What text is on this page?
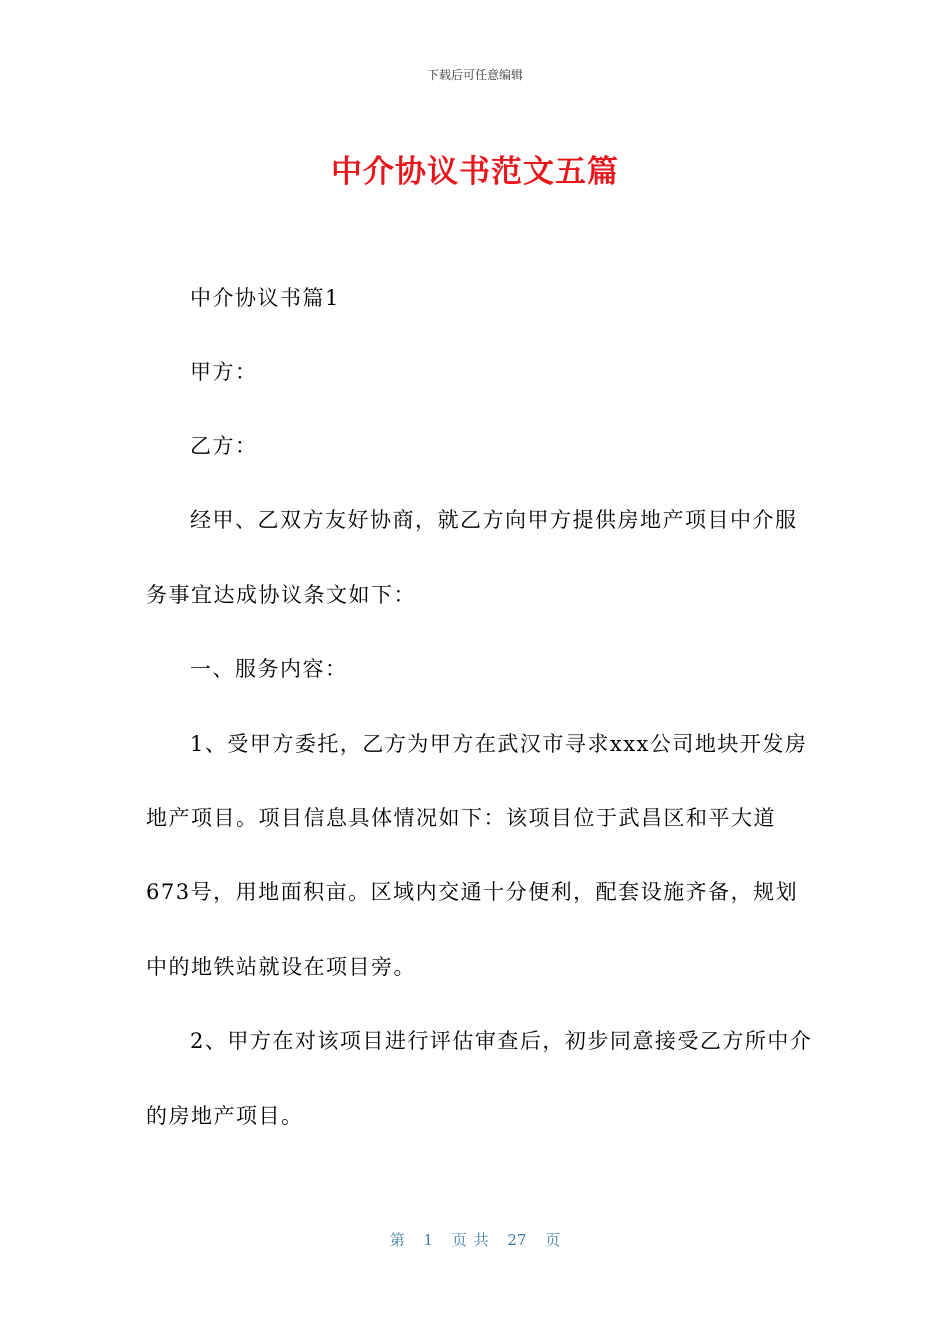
下载后可任意编辑
中介协议书范文五篇
中介协议书篇1
甲方：
乙方：
经甲、乙双方友好协商，就乙方向甲方提供房地产项目中介服
务事宜达成协议条文如下：
一、服务内容：
1、受甲方委托，乙方为甲方在武汉市寻求xxx公司地块开发房
地产项目。项目信息具体情况如下：该项目位于武昌区和平大道
673号，用地面积亩。区域内交通十分便利，配套设施齐备，规划
中的地铁站就设在项目旁。
2、甲方在对该项目进行评估审查后，初步同意接受乙方所中介
的房地产项目。
第 1 页 共 27 页
